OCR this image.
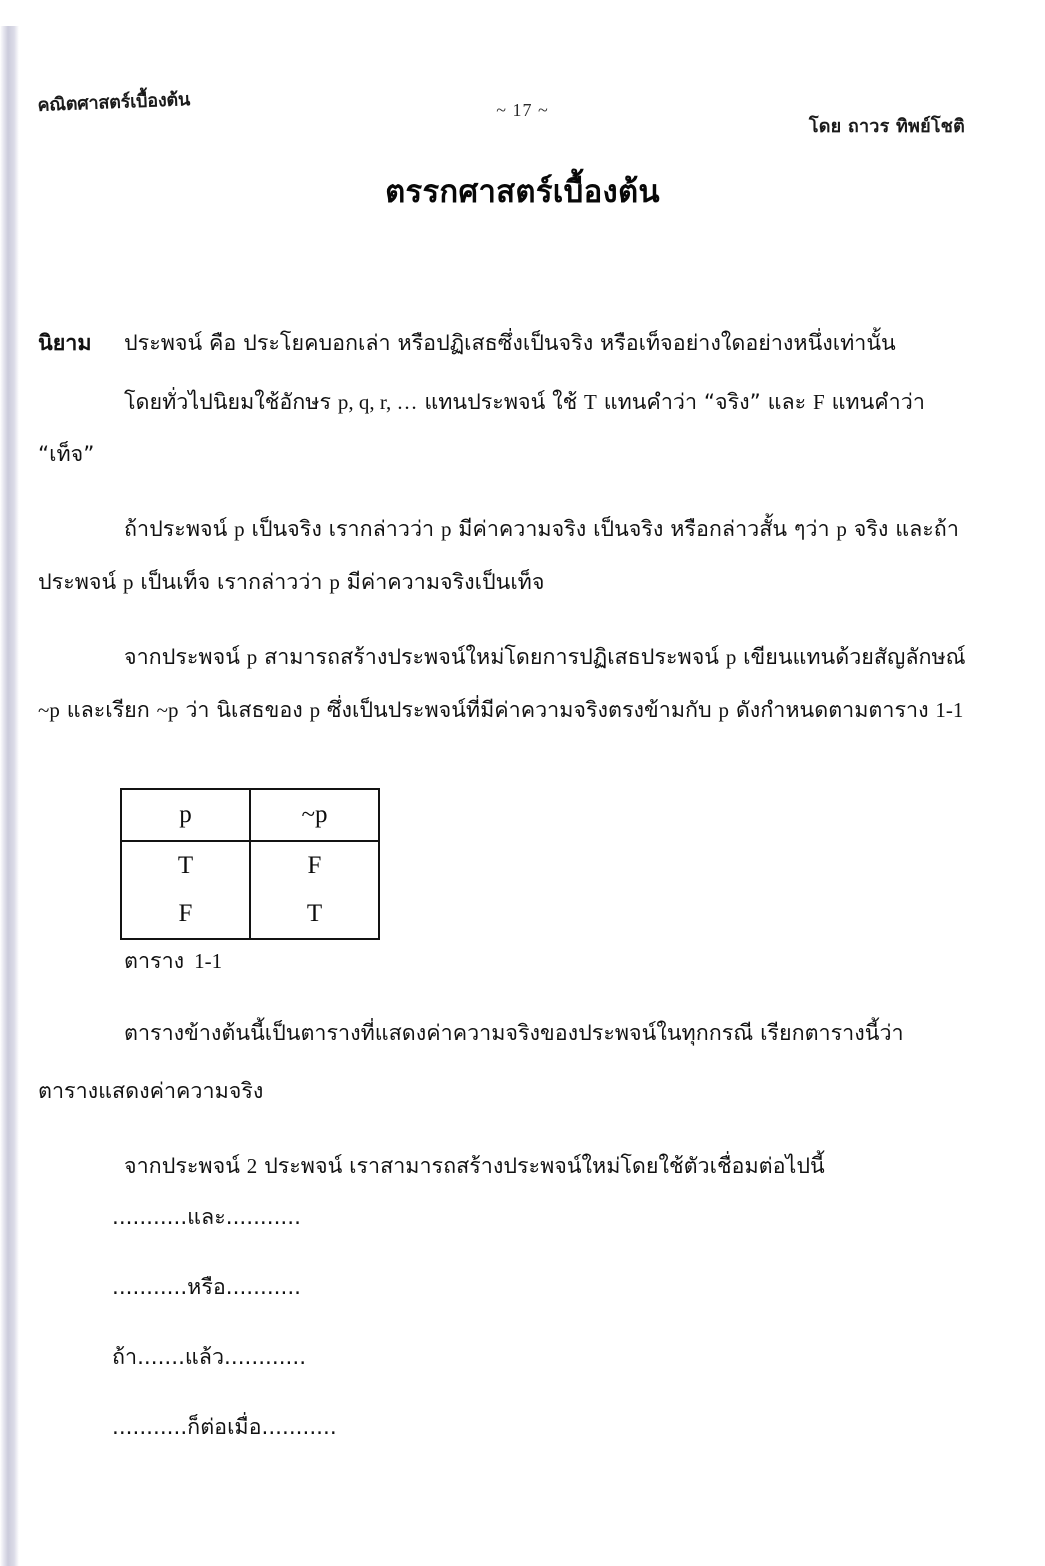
คณิตศาสตร์เบื้องต้น	~ 17 ~
โดย ถาวร ทิพย์โชติ
ตรรกศาสตร์เบื้องต้น

นิยาม ประพจน์ คือ ประโยคบอกเล่า หรือปฏิเสธซึ่งเป็นจริง หรือเท็จอย่างใดอย่างหนึ่งเท่านั้น

โดยทั่วไปนิยมใช้อักษร p, q, r, … แทนประพจน์ ใช้ T แทนคำว่า “จริง” และ F แทนคำว่า “เท็จ”

ถ้าประพจน์ p เป็นจริง เรากล่าวว่า p มีค่าความจริง เป็นจริง หรือกล่าวสั้น ๆว่า p จริง และถ้าประพจน์ p เป็นเท็จ เรากล่าวว่า p มีค่าความจริงเป็นเท็จ

จากประพจน์ p สามารถสร้างประพจน์ใหม่โดยการปฏิเสธประพจน์ p เขียนแทนด้วยสัญลักษณ์ ~p และเรียก ~p ว่า นิเสธของ p ซึ่งเป็นประพจน์ที่มีค่าความจริงตรงข้ามกับ p ดังกำหนดตามตาราง 1-1

p	~p
T	F
F	T
ตาราง 1-1

ตารางข้างต้นนี้เป็นตารางที่แสดงค่าความจริงของประพจน์ในทุกกรณี เรียกตารางนี้ว่า

ตารางแสดงค่าความจริง

จากประพจน์ 2 ประพจน์ เราสามารถสร้างประพจน์ใหม่โดยใช้ตัวเชื่อมต่อไปนี้

...........และ...........

...........หรือ...........

ถ้า.......แล้ว............

...........ก็ต่อเมื่อ...........
